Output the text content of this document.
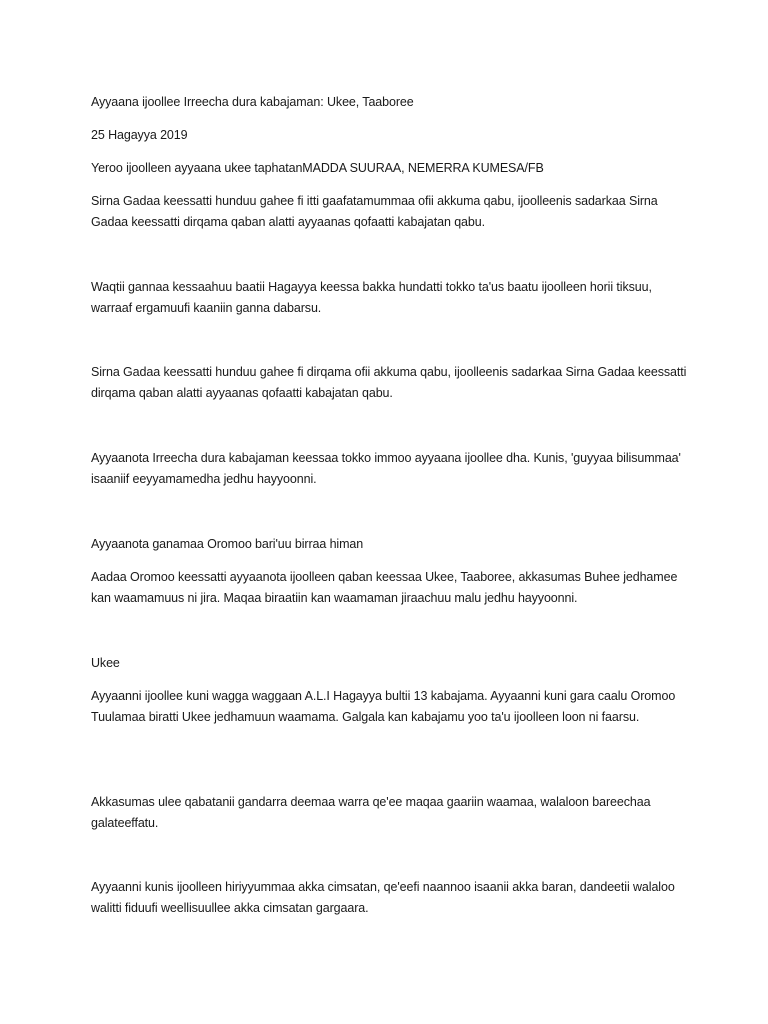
Ayyaana ijoollee Irreecha dura kabajaman: Ukee, Taaboree

25 Hagayya 2019

Yeroo ijoolleen ayyaana ukee taphatanMADDA SUURAA, NEMERRA KUMESA/FB

Sirna Gadaa keessatti hunduu gahee fi itti gaafatamummaa ofii akkuma qabu, ijoolleenis sadarkaa Sirna Gadaa keessatti dirqama qaban alatti ayyaanas qofaatti kabajatan qabu.

Waqtii gannaa kessaahuu baatii Hagayya keessa bakka hundatti tokko ta'us baatu ijoolleen horii tiksuu, warraaf ergamuufi kaaniin ganna dabarsu.

Sirna Gadaa keessatti hunduu gahee fi dirqama ofii akkuma qabu, ijoolleenis sadarkaa Sirna Gadaa keessatti dirqama qaban alatti ayyaanas qofaatti kabajatan qabu.

Ayyaanota Irreecha dura kabajaman keessaa tokko immoo ayyaana ijoollee dha. Kunis, 'guyyaa bilisummaa' isaaniif eeyyamamedha jedhu hayyoonni.

Ayyaanota ganamaa Oromoo bari'uu birraa himan

Aadaa Oromoo keessatti ayyaanota ijoolleen qaban keessaa Ukee, Taaboree, akkasumas Buhee jedhamee kan waamamuus ni jira. Maqaa biraatiin kan waamaman jiraachuu malu jedhu hayyoonni.

Ukee

Ayyaanni ijoollee kuni wagga waggaan A.L.I Hagayya bultii 13 kabajama. Ayyaanni kuni gara caalu Oromoo Tuulamaa biratti Ukee jedhamuun waamama. Galgala kan kabajamu yoo ta'u ijoolleen loon ni faarsu.

Akkasumas ulee qabatanii gandarra deemaa warra qe'ee maqaa gaariin waamaa, walaloon bareechaa galateeffatu.

Ayyaanni kunis ijoolleen hiriyyummaa akka cimsatan, qe'eefi naannoo isaanii akka baran, dandeetii walaloo walitti fiduufi weellisuullee akka cimsatan gargaara.
